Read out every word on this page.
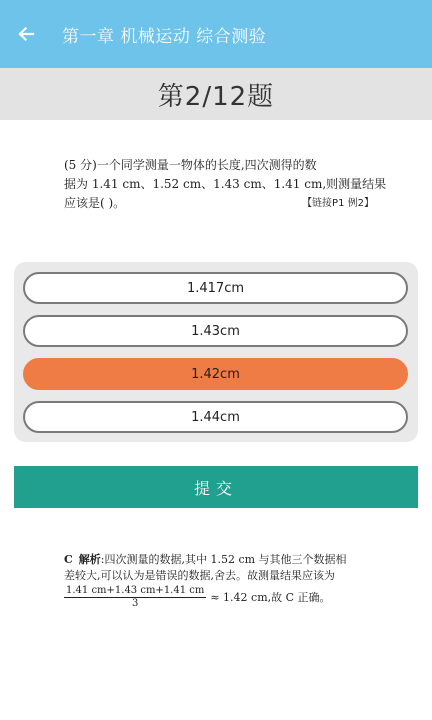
第一章 机械运动 综合测验
第2/12题
(5 分)一个同学测量一物体的长度,四次测得的数
据为 1.41 cm、1.52 cm、1.43 cm、1.41 cm,则测量结果
应该是( )。	【链接P1 例2】
1.417cm
1.43cm
1.42cm
1.44cm
提交
C 解析:四次测量的数据,其中 1.52 cm 与其他三个数据相
差较大,可以认为是错误的数据,舍去。故测量结果应该为
$\frac{1.41 cm+1.43 cm+1.41 cm}{3} \approx 1.42$ cm,故 C 正确。
